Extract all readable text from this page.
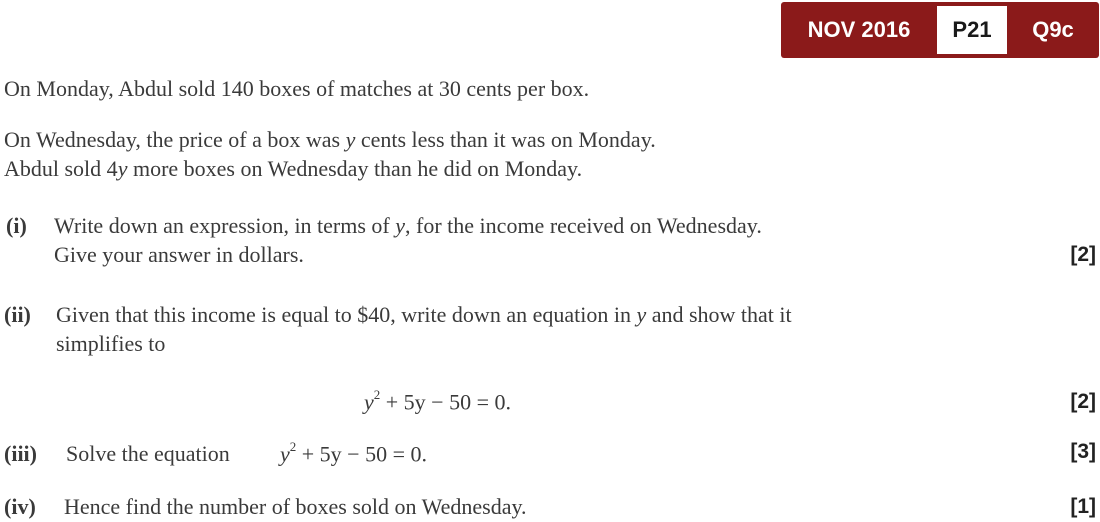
NOV 2016	P21	Q9c
On Monday, Abdul sold 140 boxes of matches at 30 cents per box.
On Wednesday, the price of a box was y cents less than it was on Monday.
Abdul sold 4y more boxes on Wednesday than he did on Monday.
(i) Write down an expression, in terms of y, for the income received on Wednesday.
Give your answer in dollars.	[2]
(ii) Given that this income is equal to $40, write down an equation in y and show that it
simplifies to
$y^2 + 5y - 50 = 0$.	[2]
(iii) Solve the equation $y^2 + 5y - 50 = 0$.	[3]
(iv) Hence find the number of boxes sold on Wednesday.	[1]
